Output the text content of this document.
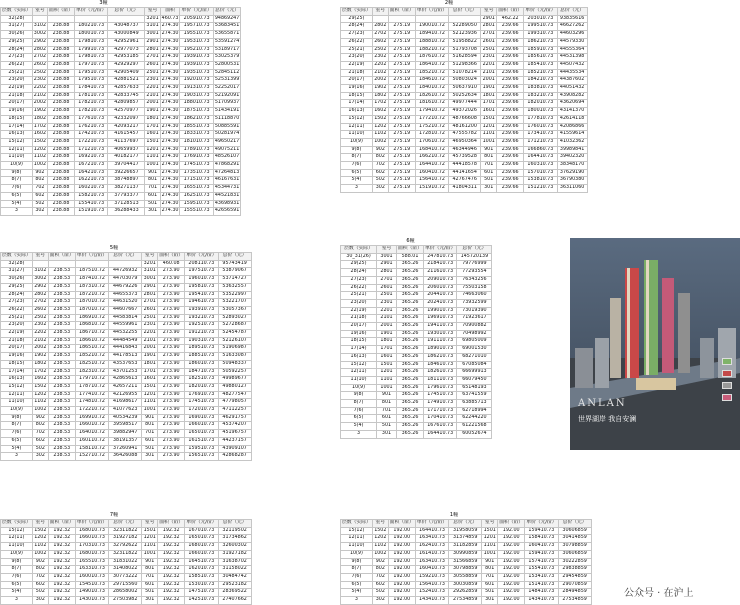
3幢
层数（实际）	室号	面积（㎡）	单价（元/㎡）	总价（元）	室号	面积	单价（元/㎡）	总价（元）
32(28)					3201	460.73	205910.73	94869247
31(27)	3102	238.88	180210.73	43048737	3101	274.30	195710.73	53683451
30(26)	3002	238.88	180010.73	43000849	3001	274.30	195510.73	53655871
29(25)	2902	238.88	179810.73	42952961	2901	274.30	195310.73	53591274
28(24)	2802	238.88	179910.73	42977073	2801	274.30	195210.73	53189717
27(23)	2702	238.88	179810.73	42953185	2701	274.30	193910.73	53025379
26(22)	2602	238.88	179710.73	42929297	2601	274.30	193910.73	52800531
25(21)	2502	238.88	179510.73	42905409	2501	274.30	193510.73	52845112
23(20)	2302	238.88	179510.73	42881521	2301	274.30	192010.73	52531399
22(19)	2202	238.88	178410.73	42857633	2201	274.30	191310.73	52252017
21(18)	2102	238.88	178110.73	42833745	2101	274.30	190310.73	52192091
20(17)	2002	238.88	178210.73	42809857	2001	274.30	188010.73	51709937
19(16)	1902	238.88	178210.73	42570977	1901	274.30	187510.73	51434191
18(15)	1802	238.88	177610.73	42332097	1801	274.30	186210.73	51118870
17(14)	1702	238.88	176210.73	42093217	1701	274.30	185510.73	50885591
16(13)	1602	238.88	174210.73	41615457	1601	274.30	183310.73	50281974
15(12)	1502	238.88	172210.73	41137697	1501	274.30	181010.73	49650217
12(11)	1202	238.88	171210.73	40659937	1201	274.30	178910.73	49075211
11(10)	1102	238.88	169210.73	40182177	1101	274.30	176910.73	48526107
10(9)	1002	238.88	167210.73	39704417	1001	274.30	174510.73	47868291
9(8)	902	238.88	164210.73	39226657	901	274.30	173510.73	47264813
8(7)	802	238.88	162210.73	38748897	801	274.30	171510.73	46167631
7(6)	702	238.88	160210.73	38271137	701	274.30	165510.73	45344731
6(5)	602	238.88	158210.73	37793377	601	274.30	162510.73	44521831
5(4)	502	238.88	155410.73	37128513	501	274.30	159510.73	43698931
3	302	238.88	151910.73	36288433	301	274.30	155510.73	42656591
2幢
层数（实际）	室号	面积（㎡）	单价（元/㎡）	总价（元）	室号	面积（㎡）	单价（元/㎡）	总价（元）
29(25)					2901	462.22	203010.73	93835616
28(24)	2802	275.19	190010.72	52289050	2801	239.66	199510.73	46627262
27(23)	2702	275.19	189410.72	52123936	2701	239.66	199310.73	44603296
26(22)	2602	275.19	188810.72	51958822	2601	239.66	186210.73	44579330
25(21)	2502	275.19	188210.72	51793708	2501	239.66	185910.73	44555364
23(20)	2302	275.19	187610.72	51628594	2301	239.66	185610.73	44531398
22(19)	2202	275.19	186410.72	51298366	2201	239.66	185410.73	44507432
21(18)	2102	275.19	185210.72	51078214	2101	239.66	185210.73	44435534
20(17)	2002	275.19	184610.72	50803024	2001	239.66	184210.73	44387602
19(16)	1902	275.19	184010.72	50637910	1901	239.66	183810.73	44051432
18(15)	1802	275.19	182610.72	50252634	1801	239.66	183210.73	43908282
17(14)	1702	275.19	181610.72	49977444	1701	239.66	182010.73	43620694
16(13)	1602	275.19	179410.72	49372026	1601	239.66	180010.73	43141370
15(12)	1502	275.19	177210.72	48766608	1501	239.66	177810.73	42614118
12(11)	1202	275.19	175210.72	48161200	1201	239.66	176010.73	42086866
11(10)	1102	275.19	172810.72	47555782	1101	239.66	173410.73	41559614
10(9)	1002	275.19	170610.72	46950364	1001	239.66	171210.73	41032362
9(8)	902	275.19	168410.72	46344946	901	239.66	166860.73	39989841
8(7)	802	275.19	166210.72	45739528	801	239.66	164410.73	39402320
7(6)	702	275.19	164410.72	44418578	701	239.66	160310.73	38348170
6(5)	602	275.19	160410.72	44141654	601	239.66	157010.73	37629190
5(4)	502	275.19	156410.72	42767476	501	239.66	153810.73	36790380
3	302	275.19	151910.72	41804311	301	239.66	151210.73	36311060
5幢
层数（实际）	室号	面积（㎡）	单价（元/㎡）	总价（元）	室号	面积（㎡）	单价（元/㎡）	总价（元）
32(28)					3201	460.08	208110.73	95743419
31(27)	3102	238.53	187510.72	44726932	3101	273.90	197510.73	53879067
30(26)	3002	238.53	187410.72	44703079	3001	273.90	196010.73	53714727
29(25)	2902	238.53	187310.72	44679226	2901	273.90	195810.73	53632557
28(24)	2802	238.53	187210.72	44655373	2801	273.90	195410.73	53522997
27(23)	2702	238.53	187010.72	44631520	2701	273.90	194610.73	53221707
26(22)	2602	238.53	187010.72	44607667	2601	273.90	193910.73	53057367
25(21)	2502	238.53	186910.72	44583814	2501	273.90	193210.73	52893027
23(20)	2302	238.53	186810.72	44559961	2301	273.90	192510.73	52728687
22(19)	2202	238.53	186710.72	44532255	2201	273.90	191210.73	52454787
21(18)	2102	238.53	186610.72	44484549	2101	273.90	190310.73	52126107
20(17)	2002	238.53	186510.72	44416843	2001	273.90	189510.73	51906987
19(16)	1902	238.53	185210.72	44178513	1901	273.90	188510.73	51633087
18(15)	1802	238.53	182510.72	43537653	1801	273.90	186010.73	50948337
17(14)	1702	238.53	182310.72	43701253	1701	273.90	184710.73	50592257
16(13)	1602	238.53	179710.72	42865613	1601	273.90	182510.73	49989677
15(12)	1502	238.53	178710.72	42657211	1501	273.90	182010.73	49880127
12(11)	1202	238.53	177410.72	42126955	1201	273.90	176910.73	48277547
11(10)	1102	238.53	174810.72	41698617	1101	273.90	174510.73	47798057
10(9)	1002	238.53	172210.72	41077623	1001	273.90	172010.73	47112257
9(8)	902	238.53	169910.72	40534239	901	273.90	169010.73	46291757
8(7)	802	238.53	166010.72	39598517	801	273.90	166010.73	45374207
7(6)	702	238.53	164010.72	39882947	701	273.90	165010.73	45196757
6(5)	602	238.53	160110.72	38191357	601	273.90	161510.73	44237157
5(4)	502	238.53	158110.72	37260941	501	273.90	159510.73	43909107
3	302	238.53	152710.72	36426088	301	273.90	156510.73	42868287
6幢
层数（实际）	室号	面积（㎡）	单价（元/㎡）	总价（元）
30_31(26)	3001	588.01	247810.73	145720139
29(25)	2901	365.26	218410.73	79776999
28(24)	2801	365.26	211610.73	77293554
27(23)	2701	365.26	209010.73	76343256
26(22)	2601	365.26	206010.73	75503158
25(21)	2501	365.26	204410.73	74663060
23(20)	2301	365.26	202410.73	73932599
22(19)	2201	365.26	199010.73	73019390
21(18)	2101	365.26	196910.73	71923617
20(17)	2001	365.26	194110.73	70900882
19(16)	1901	365.26	193010.73	70498992
18(15)	1801	365.26	191110.73	69805009
17(14)	1701	365.26	189010.73	69001530
16(13)	1601	365.26	186210.73	68271010
15(12)	1501	365.26	184610.73	67085084
12(11)	1201	365.26	182610.73	66699913
11(10)	1101	365.26	181110.73	66079450
10(9)	1001	365.26	179610.73	65148193
9(8)	901	365.26	174510.73	63741559
8(7)	801	365.26	174910.73	63885713
7(6)	701	365.26	171710.73	62718994
6(5)	601	365.26	170410.73	62244220
5(4)	501	365.26	167610.73	61221568
3	301	365.26	164410.73	60052674
7幢
层数（实际）	室号	面积（㎡）	单价（元/㎡）	总价（元）	室号	面积（㎡）	单价（元/㎡）	总价（元）
15(12)	1502	192.32	168010.73	32311822	1501	192.32	167010.73	32119502
12(11)	1202	192.32	166010.73	31927182	1201	192.32	165010.73	31734862
11(10)	1102	192.32	170310.73	32792622	1101	192.32	168010.73	32600302
10(9)	1002	192.32	168010.73	32311822	1001	192.32	166010.73	31927182
9(8)	902	192.32	165510.73	31831022	901	192.32	164510.73	31638702
8(7)	802	192.32	163310.73	31408022	801	192.32	162010.73	31158022
7(6)	702	192.32	160010.73	30773222	701	192.32	158510.73	30484742
6(5)	602	192.32	154510.73	29715560	601	192.32	153010.73	29523182
5(4)	502	192.32	149010.73	28658002	501	192.32	147510.73	28369522
3	302	192.32	143010.73	27503982	301	192.32	142510.73	27407662
1幢
层数（实际）	室号	面积（㎡）	单价（元/㎡）	总价（元）	室号	面积（㎡）	单价（元/㎡）	总价（元）
15(12)	1502	192.00	164410.73	31958059	1501	192.00	159410.73	30606859
12(11)	1202	192.00	163410.73	31374859	1201	192.00	158410.73	30414859
11(10)	1102	192.00	162410.73	31182859	1101	192.00	160410.73	30798859
10(9)	1002	192.00	161410.73	30990859	1001	192.00	159410.73	30606859
9(8)	902	192.00	163410.73	31566859	901	192.00	157410.73	30222859
8(7)	802	192.00	160410.73	30798859	801	192.00	155410.73	29838859
7(6)	702	192.00	159210.73	30558859	701	192.00	153410.73	29454859
6(5)	602	192.00	156410.73	30030859	601	192.00	151410.73	29070859
5(4)	502	192.00	152410.73	29262859	501	192.00	148410.73	28494859
3	302	192.00	143410.73	27534859	301	192.00	143410.73	27534859
ANLAN
世界湖岸 我自安澜
公众号 · 在沪上
